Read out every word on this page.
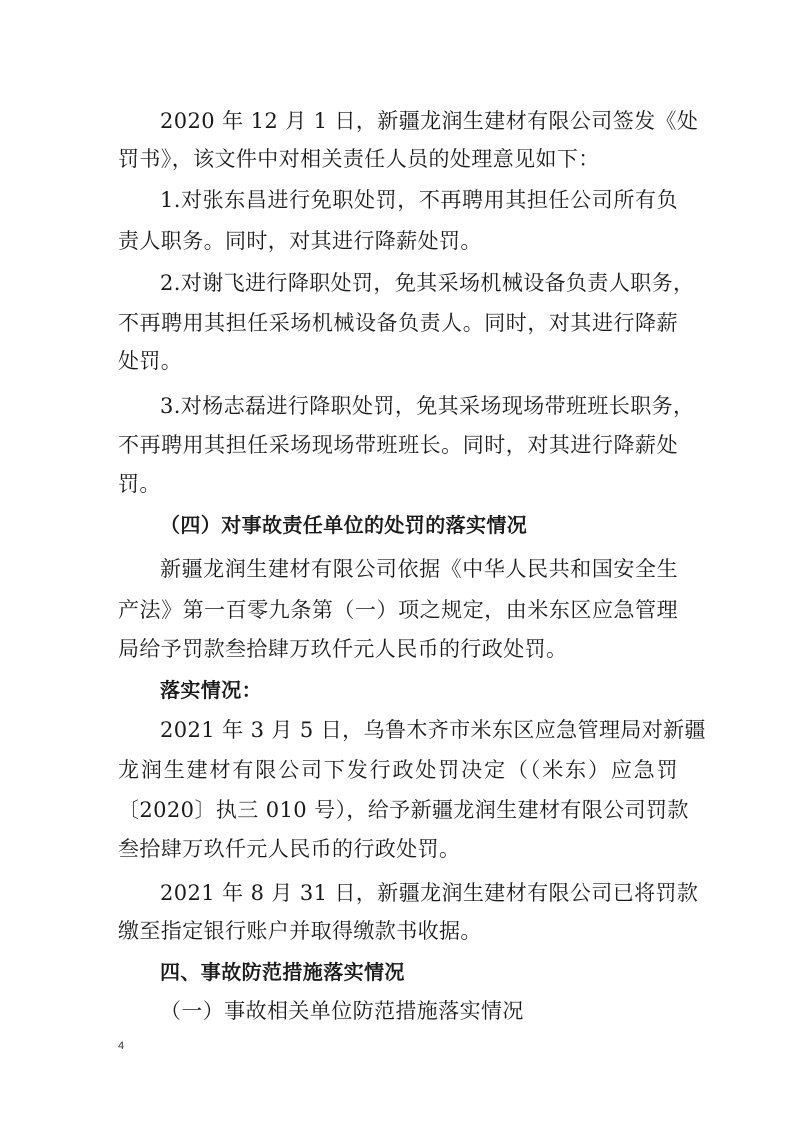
2020 年 12 月 1 日，新疆龙润生建材有限公司签发《处
罚书》，该文件中对相关责任人员的处理意见如下：
1.对张东昌进行免职处罚，不再聘用其担任公司所有负
责人职务。同时，对其进行降薪处罚。
2.对谢飞进行降职处罚，免其采场机械设备负责人职务，
不再聘用其担任采场机械设备负责人。同时，对其进行降薪
处罚。
3.对杨志磊进行降职处罚，免其采场现场带班班长职务，
不再聘用其担任采场现场带班班长。同时，对其进行降薪处
罚。
（四）对事故责任单位的处罚的落实情况
新疆龙润生建材有限公司依据《中华人民共和国安全生
产法》第一百零九条第（一）项之规定，由米东区应急管理
局给予罚款叁拾肆万玖仟元人民币的行政处罚。
落实情况：
2021 年 3 月 5 日，乌鲁木齐市米东区应急管理局对新疆
龙润生建材有限公司下发行政处罚决定（（米东）应急罚
〔2020〕执三 010 号），给予新疆龙润生建材有限公司罚款
叁拾肆万玖仟元人民币的行政处罚。
2021 年 8 月 31 日，新疆龙润生建材有限公司已将罚款
缴至指定银行账户并取得缴款书收据。
四、事故防范措施落实情况
（一）事故相关单位防范措施落实情况
4
